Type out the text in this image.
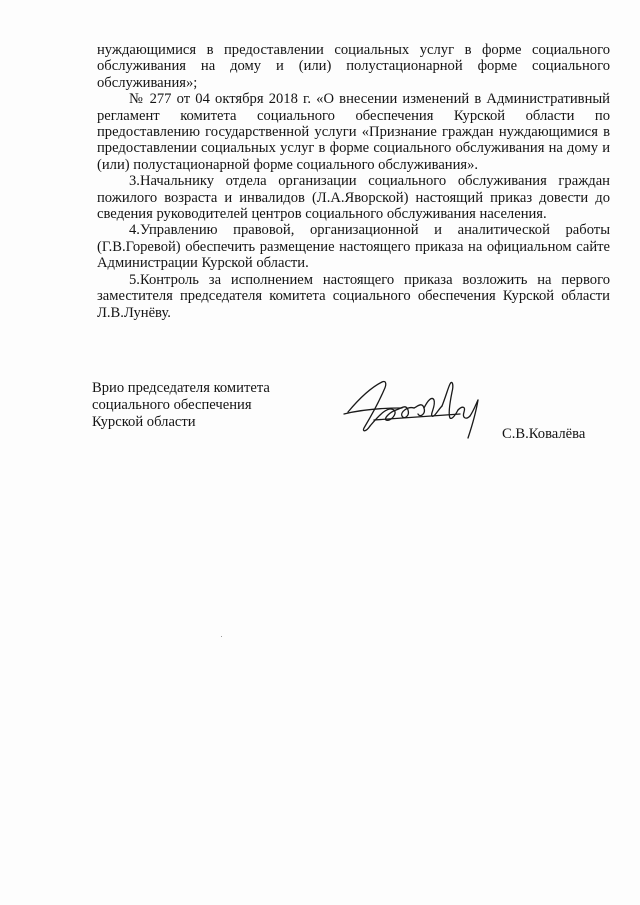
нуждающимися в предоставлении социальных услуг в форме социального обслуживания на дому и (или) полустационарной форме социального обслуживания»;

№ 277 от 04 октября 2018 г. «О внесении изменений в Административный регламент комитета социального обеспечения Курской области по предоставлению государственной услуги «Признание граждан нуждающимися в предоставлении социальных услуг в форме социального обслуживания на дому и (или) полустационарной форме социального обслуживания».

3.Начальнику отдела организации социального обслуживания граждан пожилого возраста и инвалидов (Л.А.Яворской) настоящий приказ довести до сведения руководителей центров социального обслуживания населения.

4.Управлению правовой, организационной и аналитической работы (Г.В.Горевой) обеспечить размещение настоящего приказа на официальном сайте Администрации Курской области.

5.Контроль за исполнением настоящего приказа возложить на первого заместителя председателя комитета социального обеспечения Курской области Л.В.Лунёву.

Врио председателя комитета
социального обеспечения
Курской области
С.В.Ковалёва
